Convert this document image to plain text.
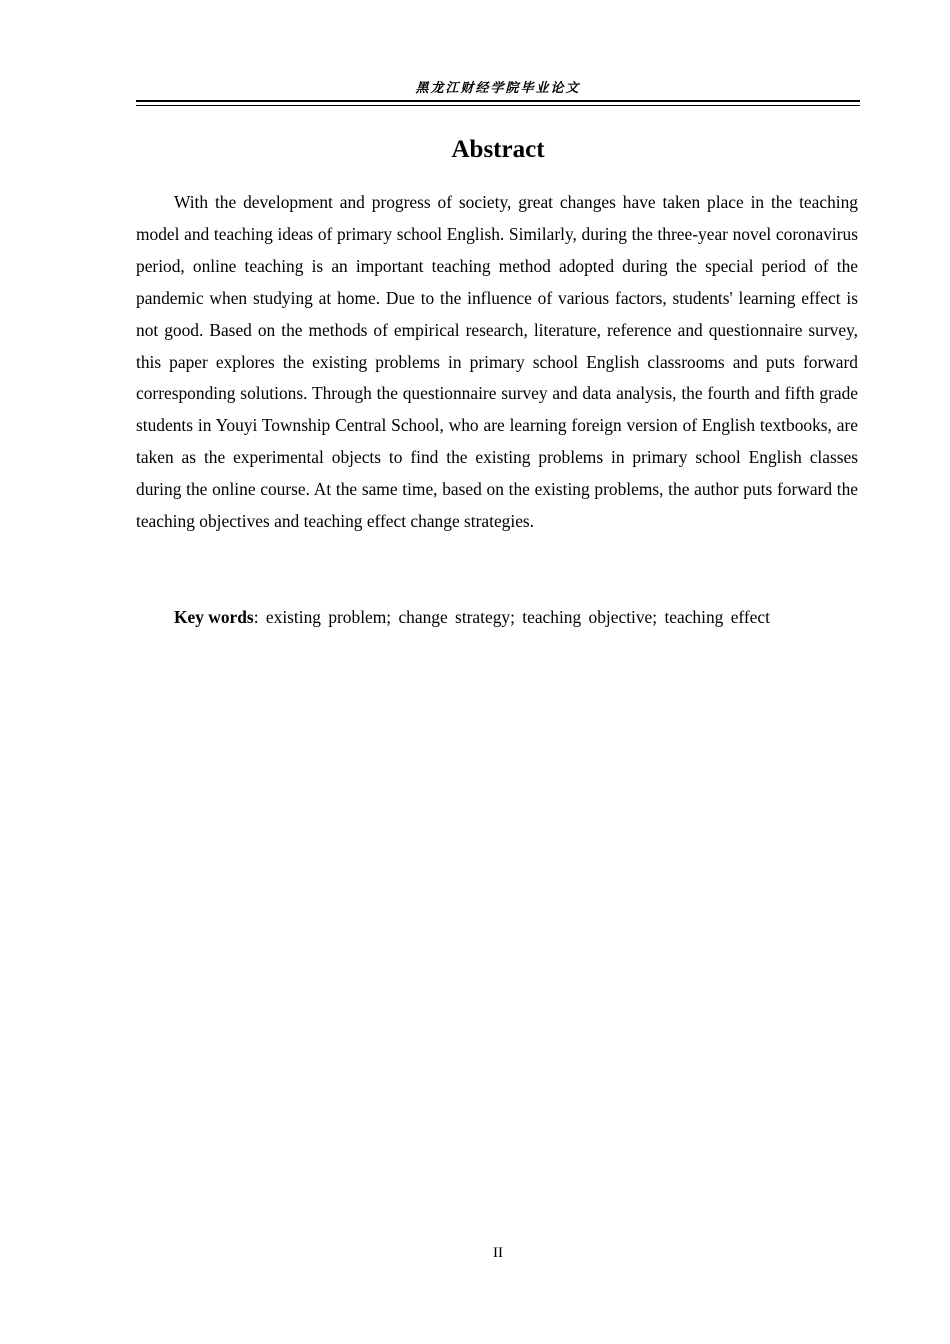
黑龙江财经学院毕业论文
Abstract

With the development and progress of society, great changes have taken place in the teaching model and teaching ideas of primary school English. Similarly, during the three-year novel coronavirus period, online teaching is an important teaching method adopted during the special period of the pandemic when studying at home. Due to the influence of various factors, students' learning effect is not good. Based on the methods of empirical research, literature, reference and questionnaire survey, this paper explores the existing problems in primary school English classrooms and puts forward corresponding solutions. Through the questionnaire survey and data analysis, the fourth and fifth grade students in Youyi Township Central School, who are learning foreign version of English textbooks, are taken as the experimental objects to find the existing problems in primary school English classes during the online course. At the same time, based on the existing problems, the author puts forward the teaching objectives and teaching effect change strategies.

Key words: existing problem; change strategy; teaching objective; teaching effect

II
